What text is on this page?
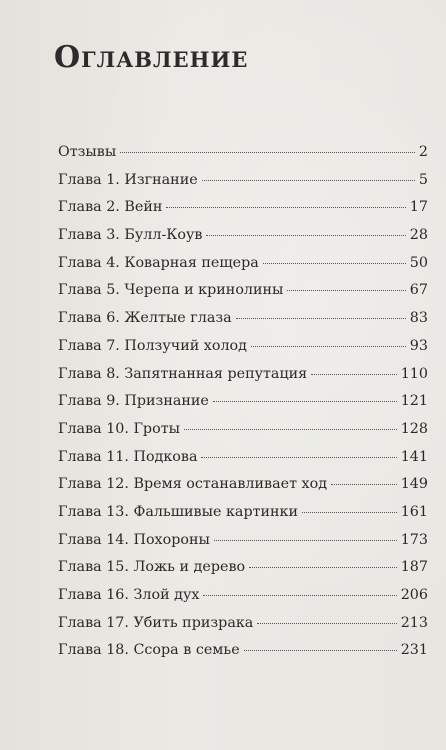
Оглавление
Отзывы	2
Глава 1. Изгнание	5
Глава 2. Вейн	17
Глава 3. Булл-Коув	28
Глава 4. Коварная пещера	50
Глава 5. Черепа и кринолины	67
Глава 6. Желтые глаза	83
Глава 7. Ползучий холод	93
Глава 8. Запятнанная репутация	110
Глава 9. Признание	121
Глава 10. Гроты	128
Глава 11. Подкова	141
Глава 12. Время останавливает ход	149
Глава 13. Фальшивые картинки	161
Глава 14. Похороны	173
Глава 15. Ложь и дерево	187
Глава 16. Злой дух	206
Глава 17. Убить призрака	213
Глава 18. Ссора в семье	231
